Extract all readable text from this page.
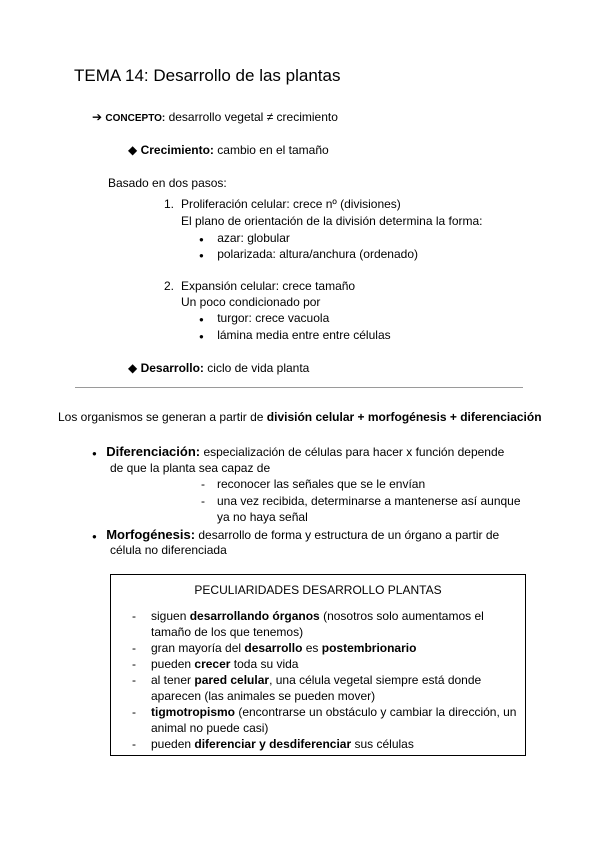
TEMA 14: Desarrollo de las plantas
➔ CONCEPTO: desarrollo vegetal ≠ crecimiento
◆ Crecimiento: cambio en el tamaño
Basado en dos pasos:
1. Proliferación celular: crece nº (divisiones)
El plano de orientación de la división determina la forma:
● azar: globular
● polarizada: altura/anchura (ordenado)
2. Expansión celular: crece tamaño
Un poco condicionado por
● turgor: crece vacuola
● lámina media entre entre células
◆ Desarrollo: ciclo de vida planta
Los organismos se generan a partir de división celular + morfogénesis + diferenciación
● Diferenciación: especialización de células para hacer x función depende
de que la planta sea capaz de
- reconocer las señales que se le envían
- una vez recibida, determinarse a mantenerse así aunque
ya no haya señal
● Morfogénesis: desarrollo de forma y estructura de un órgano a partir de
célula no diferenciada
PECULIARIDADES DESARROLLO PLANTAS
- siguen desarrollando órganos (nosotros solo aumentamos el
tamaño de los que tenemos)
- gran mayoría del desarrollo es postembrionario
- pueden crecer toda su vida
- al tener pared celular, una célula vegetal siempre está donde
aparecen (las animales se pueden mover)
- tigmotropismo (encontrarse un obstáculo y cambiar la dirección, un
animal no puede casi)
- pueden diferenciar y desdiferenciar sus células
